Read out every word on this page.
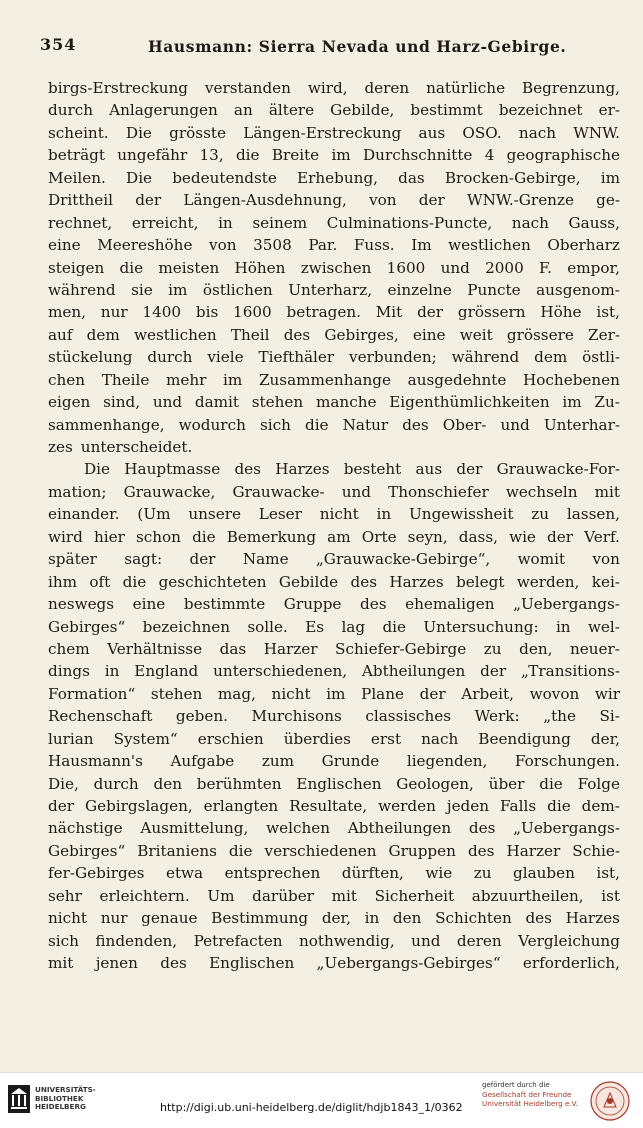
354	Hausmann: Sierra Nevada und Harz-Gebirge.
birgs-Erstreckung verstanden wird, deren natürliche Begrenzung,
durch Anlagerungen an ältere Gebilde, bestimmt bezeichnet er-
scheint. Die grösste Längen-Erstreckung aus OSO. nach WNW.
beträgt ungefähr 13, die Breite im Durchschnitte 4 geographische
Meilen. Die bedeutendste Erhebung, das Brocken-Gebirge, im
Drittheil der Längen-Ausdehnung, von der WNW.-Grenze ge-
rechnet, erreicht, in seinem Culminations-Puncte, nach Gauss,
eine Meereshöhe von 3508 Par. Fuss. Im westlichen Oberharz
steigen die meisten Höhen zwischen 1600 und 2000 F. empor,
während sie im östlichen Unterharz, einzelne Puncte ausgenom-
men, nur 1400 bis 1600 betragen. Mit der grössern Höhe ist,
auf dem westlichen Theil des Gebirges, eine weit grössere Zer-
stückelung durch viele Tiefthäler verbunden; während dem östli-
chen Theile mehr im Zusammenhange ausgedehnte Hochebenen
eigen sind, und damit stehen manche Eigenthümlichkeiten im Zu-
sammenhange, wodurch sich die Natur des Ober- und Unterhar-
zes unterscheidet.
Die Hauptmasse des Harzes besteht aus der Grauwacke-For-
mation; Grauwacke, Grauwacke- und Thonschiefer wechseln mit
einander. (Um unsere Leser nicht in Ungewissheit zu lassen,
wird hier schon die Bemerkung am Orte seyn, dass, wie der Verf.
später sagt: der Name „Grauwacke-Gebirge“, womit von
ihm oft die geschichteten Gebilde des Harzes belegt werden, kei-
neswegs eine bestimmte Gruppe des ehemaligen „Uebergangs-
Gebirges“ bezeichnen solle. Es lag die Untersuchung: in wel-
chem Verhältnisse das Harzer Schiefer-Gebirge zu den, neuer-
dings in England unterschiedenen, Abtheilungen der „Transitions-
Formation“ stehen mag, nicht im Plane der Arbeit, wovon wir
Rechenschaft geben. Murchisons classisches Werk: „the Si-
lurian System“ erschien überdies erst nach Beendigung der,
Hausmann's Aufgabe zum Grunde liegenden, Forschungen.
Die, durch den berühmten Englischen Geologen, über die Folge
der Gebirgslagen, erlangten Resultate, werden jeden Falls die dem-
nächstige Ausmittelung, welchen Abtheilungen des „Uebergangs-
Gebirges“ Britaniens die verschiedenen Gruppen des Harzer Schie-
fer-Gebirges etwa entsprechen dürften, wie zu glauben ist,
sehr erleichtern. Um darüber mit Sicherheit abzuurtheilen, ist
nicht nur genaue Bestimmung der, in den Schichten des Harzes
sich findenden, Petrefacten nothwendig, und deren Vergleichung
mit jenen des Englischen „Uebergangs-Gebirges“ erforderlich,
UNIVERSITÄTS-
BIBLIOTHEK
HEIDELBERG	http://digi.ub.uni-heidelberg.de/diglit/hdjb1843_1/0362
gefördert durch die
Gesellschaft der Freunde
Universität Heidelberg e.V.
